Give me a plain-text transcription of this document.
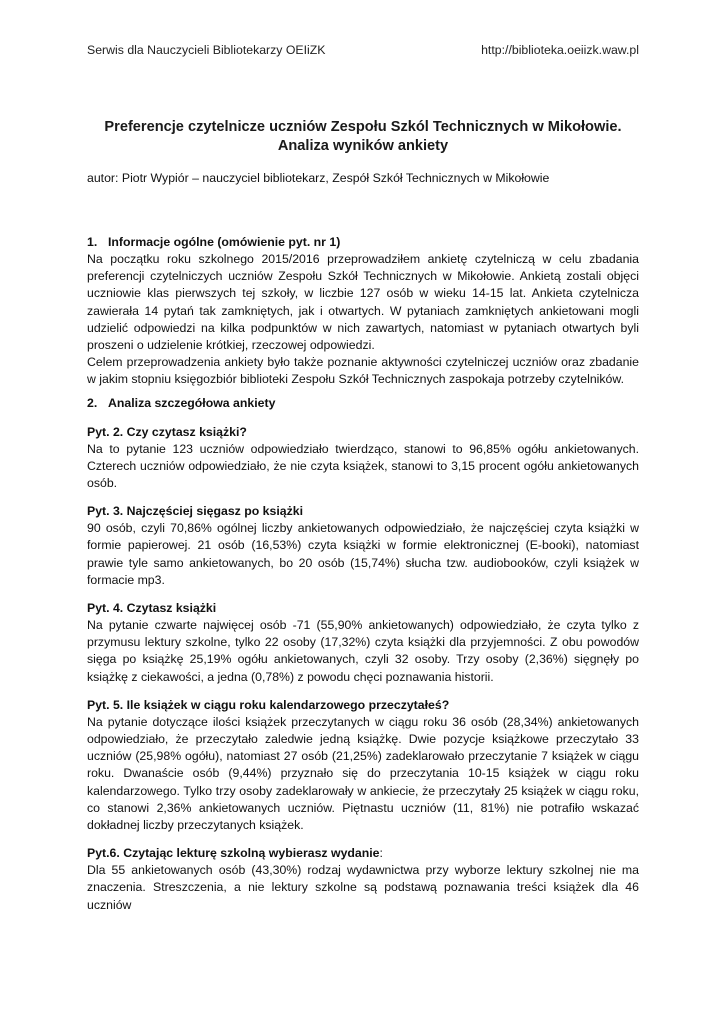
Serwis dla Nauczycieli Bibliotekarzy OEIiZK	http://biblioteka.oeiizk.waw.pl
Preferencje czytelnicze uczniów Zespołu Szkól Technicznych w Mikołowie.
Analiza wyników ankiety

autor: Piotr Wypiór – nauczyciel bibliotekarz, Zespół Szkół Technicznych w Mikołowie

1. Informacje ogólne (omówienie pyt. nr 1)

Na początku roku szkolnego 2015/2016 przeprowadziłem ankietę czytelniczą w celu zbadania preferencji czytelniczych uczniów Zespołu Szkół Technicznych w Mikołowie. Ankietą zostali objęci uczniowie klas pierwszych tej szkoły, w liczbie 127 osób w wieku 14-15 lat. Ankieta czytelnicza zawierała 14 pytań tak zamkniętych, jak i otwartych. W pytaniach zamkniętych ankietowani mogli udzielić odpowiedzi na kilka podpunktów w nich zawartych, natomiast w pytaniach otwartych byli proszeni o udzielenie krótkiej, rzeczowej odpowiedzi.

Celem przeprowadzenia ankiety było także poznanie aktywności czytelniczej uczniów oraz zbadanie w jakim stopniu księgozbiór biblioteki Zespołu Szkół Technicznych zaspokaja potrzeby czytelników.

2. Analiza szczegółowa ankiety

Pyt. 2. Czy czytasz książki?

Na to pytanie 123 uczniów odpowiedziało twierdząco, stanowi to 96,85% ogółu ankietowanych. Czterech uczniów odpowiedziało, że nie czyta książek, stanowi to 3,15 procent ogółu ankietowanych osób.

Pyt. 3. Najczęściej sięgasz po książki

90 osób, czyli 70,86% ogólnej liczby ankietowanych odpowiedziało, że najczęściej czyta książki w formie papierowej. 21 osób (16,53%) czyta książki w formie elektronicznej (E-booki), natomiast prawie tyle samo ankietowanych, bo 20 osób (15,74%) słucha tzw. audiobooków, czyli książek w formacie mp3.

Pyt. 4. Czytasz książki

Na pytanie czwarte najwięcej osób -71 (55,90% ankietowanych) odpowiedziało, że czyta tylko z przymusu lektury szkolne, tylko 22 osoby (17,32%) czyta książki dla przyjemności. Z obu powodów sięga po książkę 25,19% ogółu ankietowanych, czyli 32 osoby. Trzy osoby (2,36%) sięgnęły po książkę z ciekawości, a jedna (0,78%) z powodu chęci poznawania historii.

Pyt. 5. Ile książek w ciągu roku kalendarzowego przeczytałeś?

Na pytanie dotyczące ilości książek przeczytanych w ciągu roku 36 osób (28,34%) ankietowanych odpowiedziało, że przeczytało zaledwie jedną książkę. Dwie pozycje książkowe przeczytało 33 uczniów (25,98% ogółu), natomiast 27 osób (21,25%) zadeklarowało przeczytanie 7 książek w ciągu roku. Dwanaście osób (9,44%) przyznało się do przeczytania 10-15 książek w ciągu roku kalendarzowego. Tylko trzy osoby zadeklarowały w ankiecie, że przeczytały 25 książek w ciągu roku, co stanowi 2,36% ankietowanych uczniów. Piętnastu uczniów (11, 81%) nie potrafiło wskazać dokładnej liczby przeczytanych książek.

Pyt.6. Czytając lekturę szkolną wybierasz wydanie:

Dla 55 ankietowanych osób (43,30%) rodzaj wydawnictwa przy wyborze lektury szkolnej nie ma znaczenia. Streszczenia, a nie lektury szkolne są podstawą poznawania treści książek dla 46 uczniów
